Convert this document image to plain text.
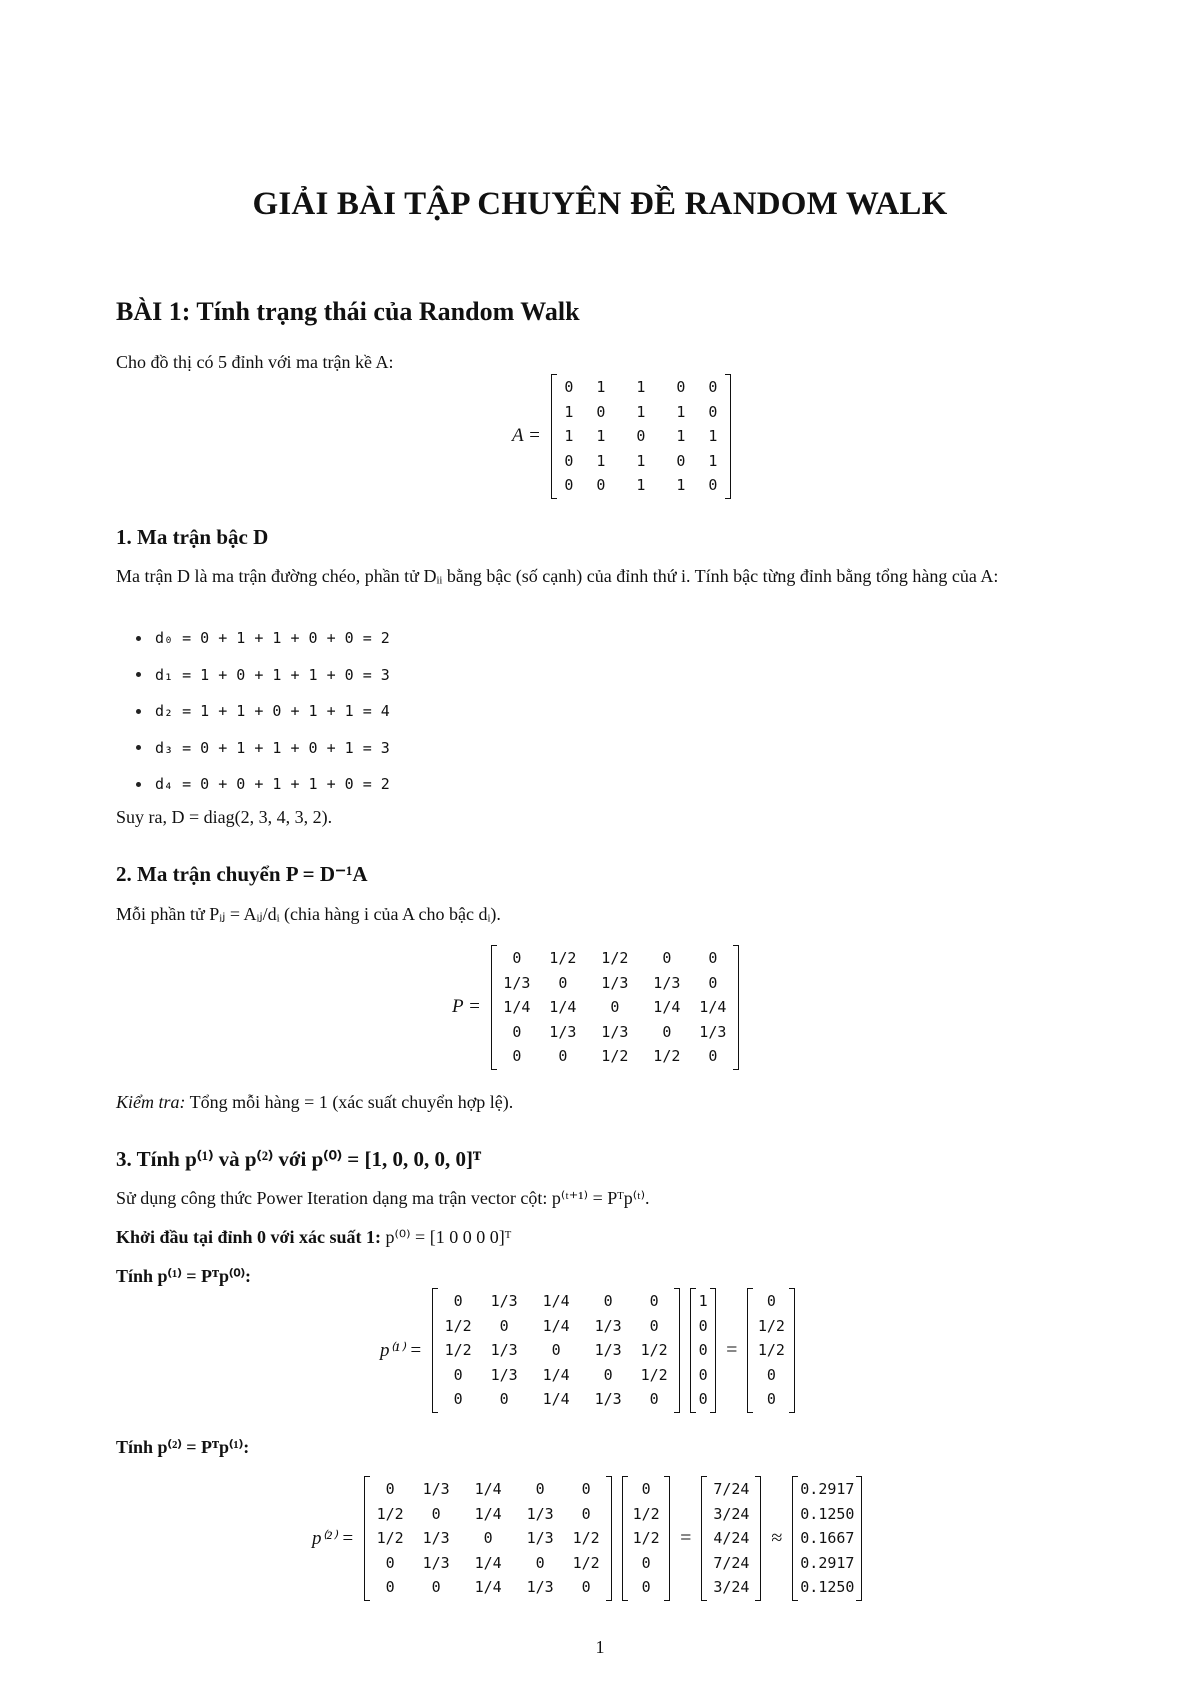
GIẢI BÀI TẬP CHUYÊN ĐỀ RANDOM WALK
BÀI 1: Tính trạng thái của Random Walk
Cho đồ thị có 5 đỉnh với ma trận kề A:
A =
0	1	1	0	0
1	0	1	1	0
1	1	0	1	1
0	1	1	0	1
0	0	1	1	0
1. Ma trận bậc D
Ma trận D là ma trận đường chéo, phần tử Dᵢᵢ bằng bậc (số cạnh) của đỉnh thứ i. Tính bậc từng đỉnh bằng tổng hàng của A:
d₀ = 0 + 1 + 1 + 0 + 0 = 2
d₁ = 1 + 0 + 1 + 1 + 0 = 3
d₂ = 1 + 1 + 0 + 1 + 1 = 4
d₃ = 0 + 1 + 1 + 0 + 1 = 3
d₄ = 0 + 0 + 1 + 1 + 0 = 2
Suy ra, D = diag(2, 3, 4, 3, 2).
2. Ma trận chuyển P = D⁻¹A
Mỗi phần tử Pᵢⱼ = Aᵢⱼ/dᵢ (chia hàng i của A cho bậc dᵢ).
P =
0	1/2	1/2	0	0
1/3	0	1/3	1/3	0
1/4	1/4	0	1/4	1/4
0	1/3	1/3	0	1/3
0	0	1/2	1/2	0
Kiểm tra: Tổng mỗi hàng = 1 (xác suất chuyển hợp lệ).
3. Tính p⁽¹⁾ và p⁽²⁾ với p⁽⁰⁾ = [1, 0, 0, 0, 0]ᵀ
Sử dụng công thức Power Iteration dạng ma trận vector cột: p⁽ᵗ⁺¹⁾ = Pᵀp⁽ᵗ⁾.
Khởi đầu tại đỉnh 0 với xác suất 1: p⁽⁰⁾ = [1 0 0 0 0]ᵀ
Tính p⁽¹⁾ = Pᵀp⁽⁰⁾:
p⁽¹⁾ =
0	1/3	1/4	0	0
1/2	0	1/4	1/3	0
1/2	1/3	0	1/3	1/2
0	1/3	1/4	0	1/2
0	0	1/4	1/3	0
1
0
0
0
0
=
0
1/2
1/2
0
0
Tính p⁽²⁾ = Pᵀp⁽¹⁾:
p⁽²⁾ =
0	1/3	1/4	0	0
1/2	0	1/4	1/3	0
1/2	1/3	0	1/3	1/2
0	1/3	1/4	0	1/2
0	0	1/4	1/3	0
0
1/2
1/2
0
0
=
7/24
3/24
4/24
7/24
3/24
≈
0.2917
0.1250
0.1667
0.2917
0.1250
1
